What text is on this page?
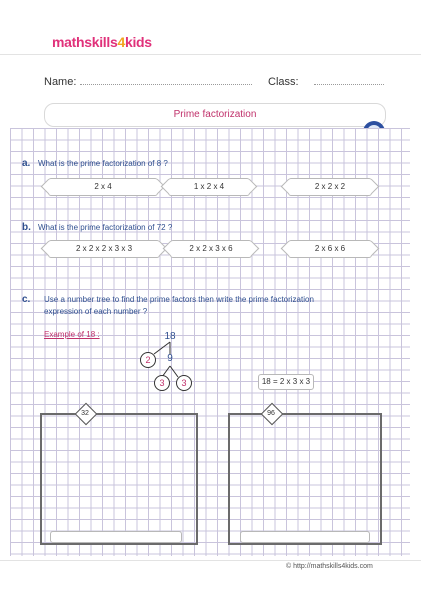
mathskills4kids
Name:	Class:
Prime factorization
a. What is the prime factorization of 8 ?
2 x 4	1 x 2 x 4	2 x 2 x 2
b. What is the prime factorization of 72 ?
2 x 2 x 2 x 3 x 3	2 x 2 x 3 x 6	2 x 6 x 6
c. Use a number tree to find the prime factors then write the prime factorization
expression of each number ?
Example of 18 :	18
2	9
3	3	18 = 2 x 3 x 3
32	96
© http://mathskills4kids.com
